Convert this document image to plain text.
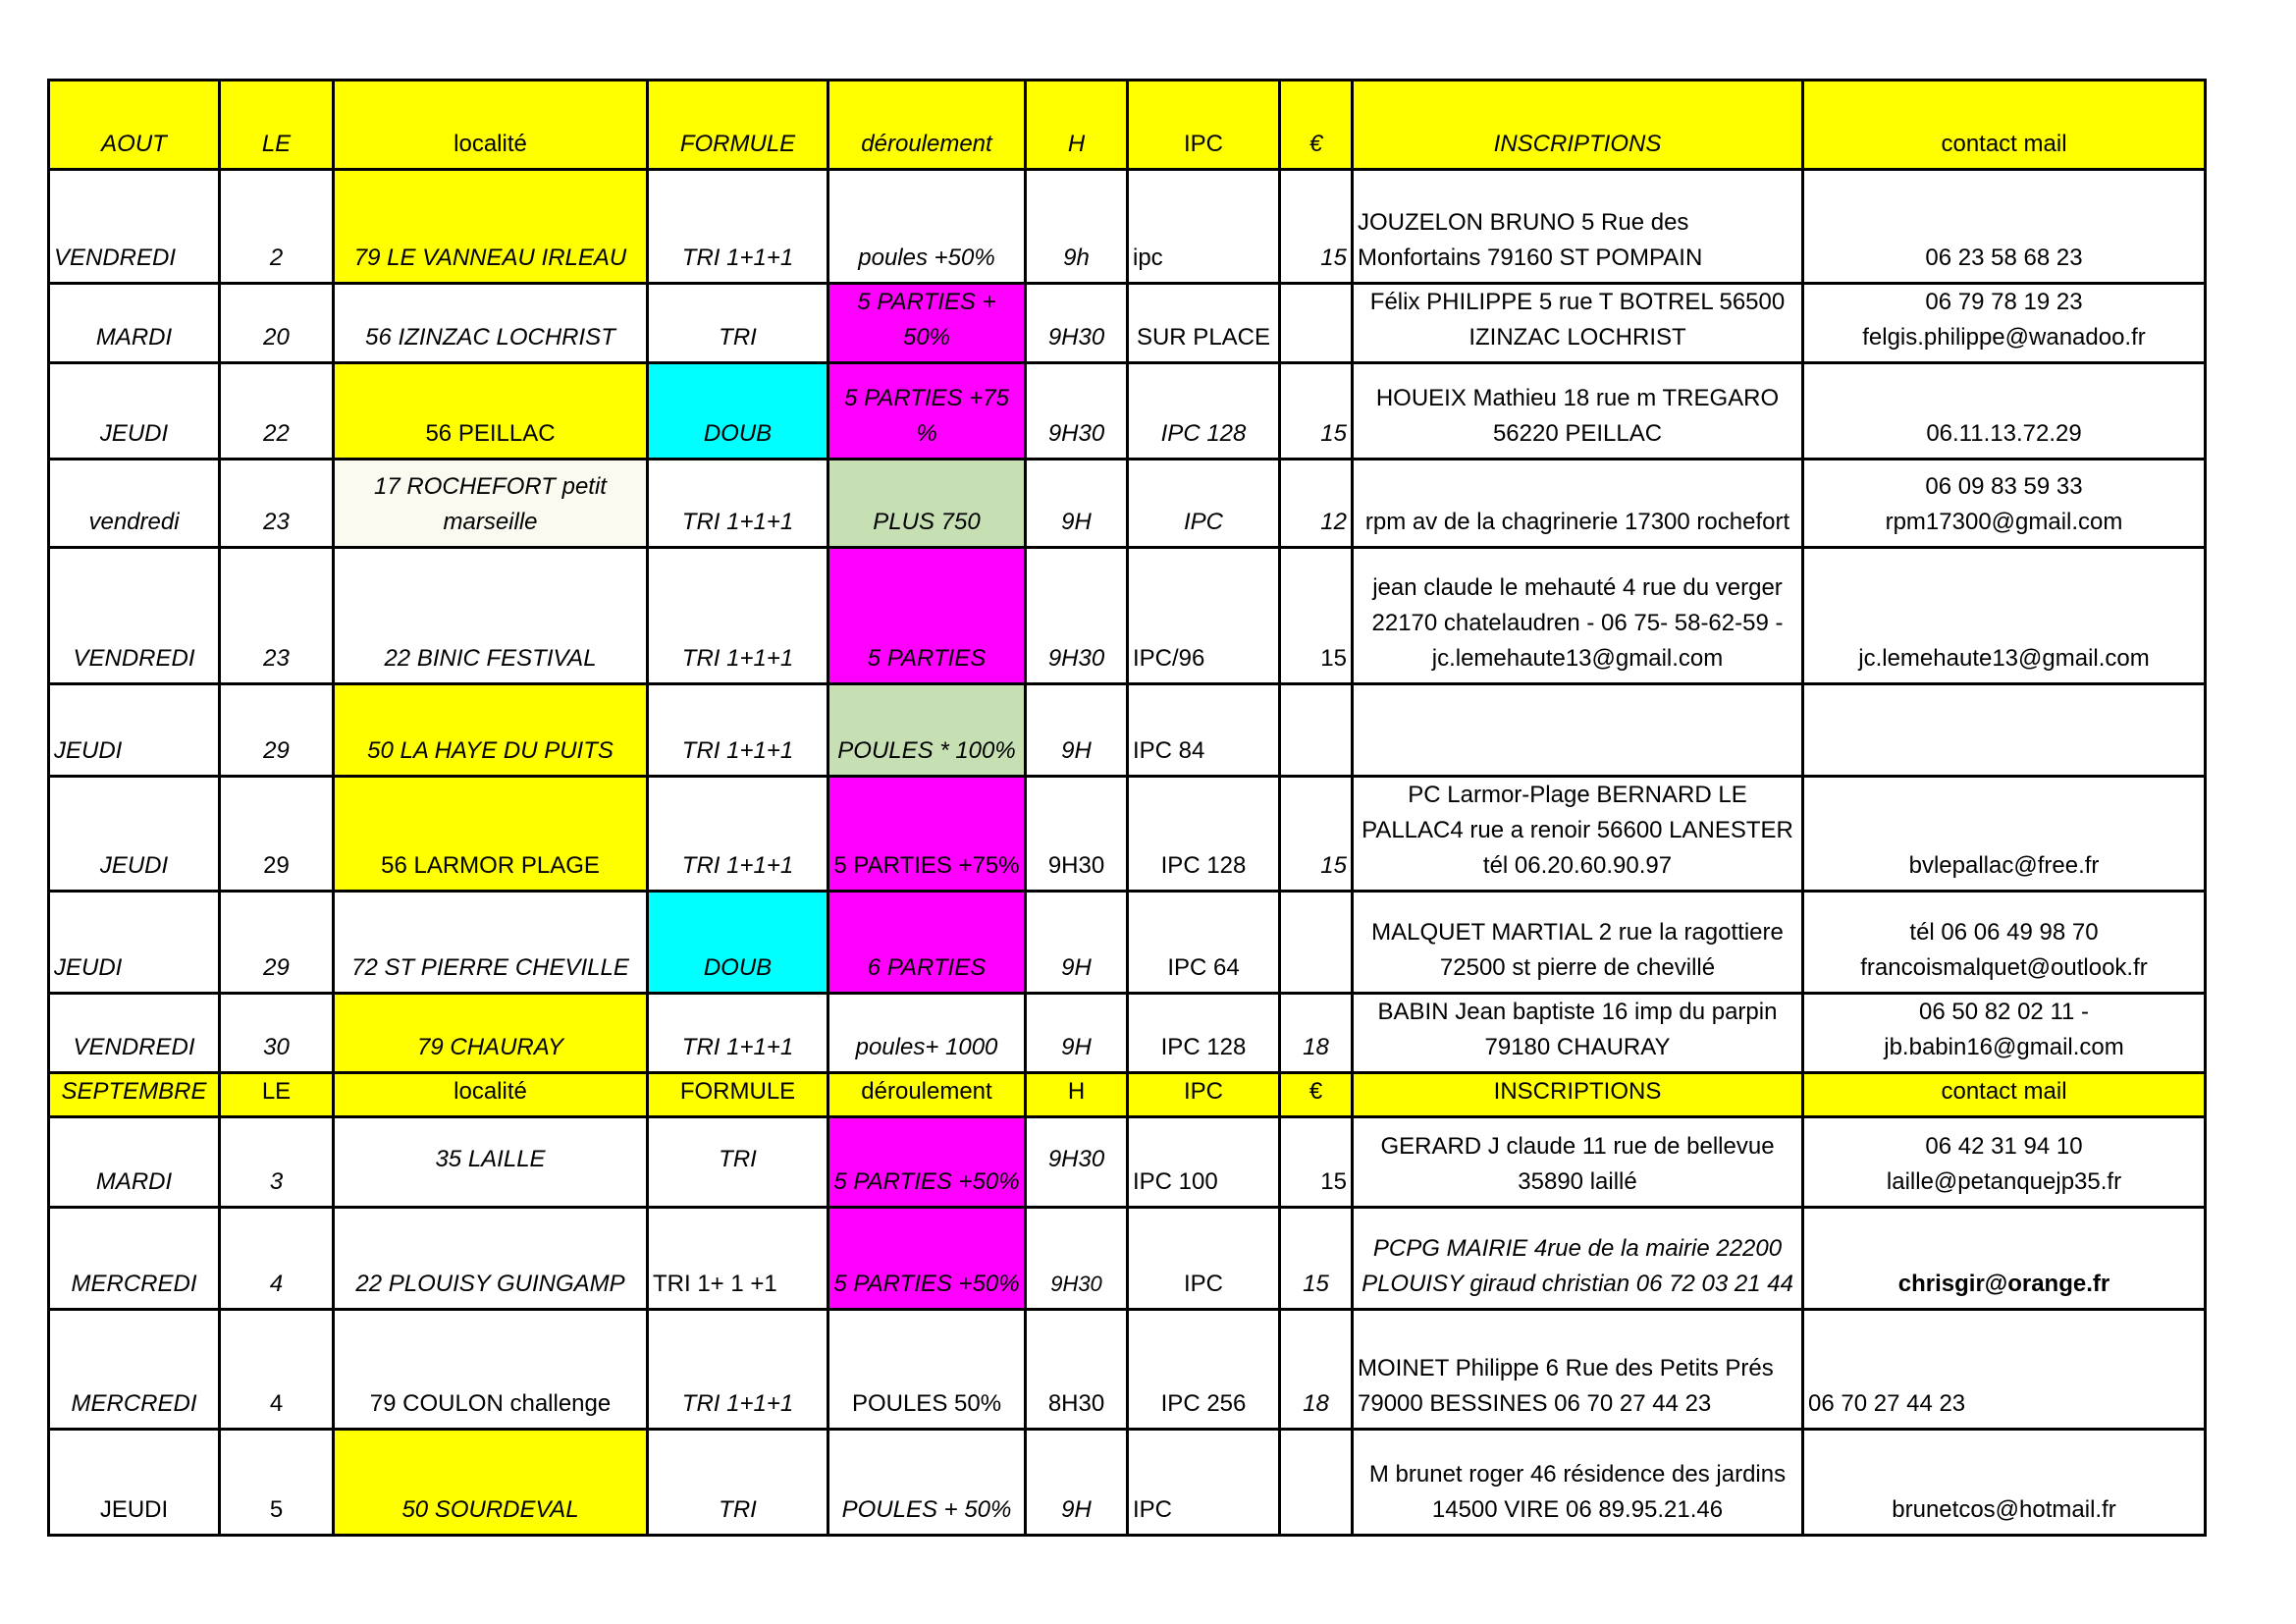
AOUT	LE	localité	FORMULE	déroulement	H	IPC	€	INSCRIPTIONS	contact mail
VENDREDI	2	79 LE VANNEAU IRLEAU	TRI 1+1+1	poules +50%	9h	ipc	15	JOUZELON BRUNO 5 Rue des Monfortains 79160 ST POMPAIN	06 23 58 68 23
MARDI	20	56 IZINZAC LOCHRIST	TRI	5 PARTIES + 50%	9H30	SUR PLACE		Félix PHILIPPE 5 rue T BOTREL 56500 IZINZAC LOCHRIST	06 79 78 19 23 felgis.philippe@wanadoo.fr
JEUDI	22	56 PEILLAC	DOUB	5 PARTIES +75 %	9H30	IPC 128	15	HOUEIX Mathieu 18 rue m TREGARO 56220 PEILLAC	06.11.13.72.29
vendredi	23	17 ROCHEFORT petit marseille	TRI 1+1+1	PLUS 750	9H	IPC	12	rpm av de la chagrinerie 17300 rochefort	06 09 83 59 33 rpm17300@gmail.com
VENDREDI	23	22 BINIC FESTIVAL	TRI 1+1+1	5 PARTIES	9H30	IPC/96	15	jean claude le mehauté 4 rue du verger 22170 chatelaudren - 06 75- 58-62-59 - jc.lemehaute13@gmail.com	jc.lemehaute13@gmail.com
JEUDI	29	50 LA HAYE DU PUITS	TRI 1+1+1	POULES * 100%	9H	IPC 84			
JEUDI	29	56 LARMOR PLAGE	TRI 1+1+1	5 PARTIES +75%	9H30	IPC 128	15	PC Larmor-Plage BERNARD LE PALLAC4 rue a renoir 56600 LANESTER tél 06.20.60.90.97	bvlepallac@free.fr
JEUDI	29	72 ST PIERRE CHEVILLE	DOUB	6 PARTIES	9H	IPC 64		MALQUET MARTIAL 2 rue la ragottiere 72500 st pierre de chevillé	tél 06 06 49 98 70 francoismalquet@outlook.fr
VENDREDI	30	79 CHAURAY	TRI 1+1+1	poules+ 1000	9H	IPC 128	18	BABIN Jean baptiste 16 imp du parpin 79180 CHAURAY	06 50 82 02 11 - jb.babin16@gmail.com
SEPTEMBRE	LE	localité	FORMULE	déroulement	H	IPC	€	INSCRIPTIONS	contact mail
MARDI	3	35 LAILLE	TRI	5 PARTIES +50%	9H30	IPC 100	15	GERARD J claude 11 rue de bellevue 35890 laillé	06 42 31 94 10 laille@petanquejp35.fr
MERCREDI	4	22 PLOUISY GUINGAMP	TRI 1+ 1 +1	5 PARTIES +50%	9H30	IPC	15	PCPG MAIRIE 4rue de la mairie 22200 PLOUISY giraud christian 06 72 03 21 44	chrisgir@orange.fr
MERCREDI	4	79 COULON challenge	TRI 1+1+1	POULES 50%	8H30	IPC 256	18	MOINET Philippe 6 Rue des Petits Prés 79000 BESSINES 06 70 27 44 23	06 70 27 44 23
JEUDI	5	50 SOURDEVAL	TRI	POULES + 50%	9H	IPC		M brunet roger 46 résidence des jardins 14500 VIRE 06 89.95.21.46	brunetcos@hotmail.fr
